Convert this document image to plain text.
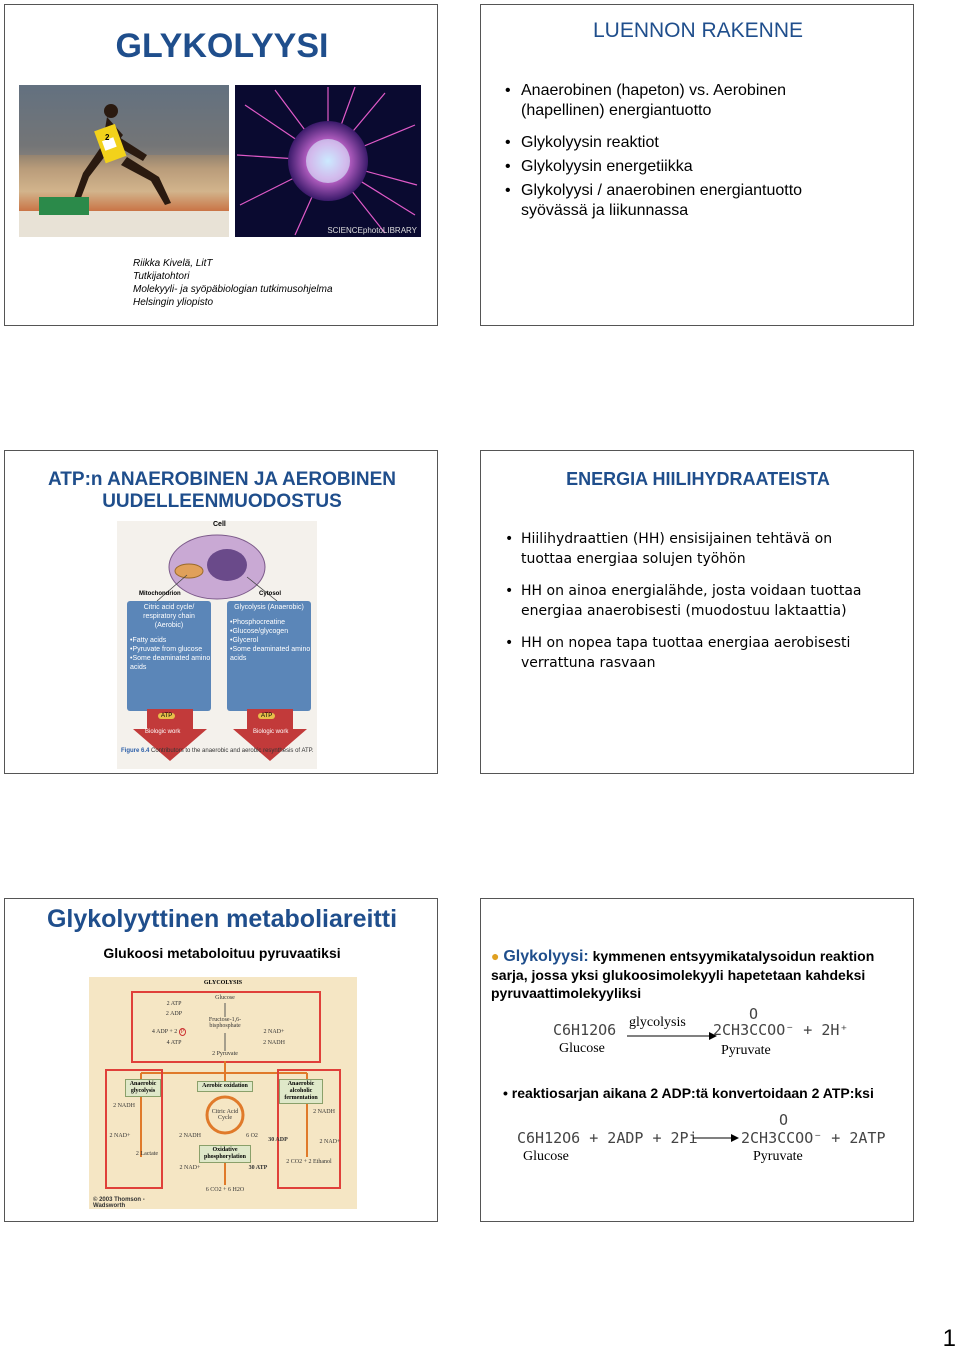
GLYKOLYYSI
2
SCIENCEphotoLIBRARY
Riikka Kivelä, LitT
Tutkijatohtori
Molekyyli- ja syöpäbiologian tutkimusohjelma
Helsingin yliopisto
LUENNON RAKENNE
• Anaerobinen (hapeton) vs. Aerobinen (hapellinen) energiantuotto
• Glykolyysin reaktiot
• Glykolyysin energetiikka
• Glykolyysi / anaerobinen energiantuotto syövässä ja liikunnassa
ATP:n ANAEROBINEN JA AEROBINEN
UUDELLEENMUODOSTUS
Cell
Mitochondrion	Cytosol
Citric acid cycle/ respiratory chain (Aerobic)
•Fatty acids
•Pyruvate from glucose
•Some deaminated amino acids
Glycolysis (Anaerobic)
•Phosphocreatine
•Glucose/glycogen
•Glycerol
•Some deaminated amino acids
ATP	ATP
Biologic work	Biologic work
Figure 6.4 Contributors to the anaerobic and aerobic resynthesis of ATP.
ENERGIA HIILIHYDRAATEISTA
• Hiilihydraattien (HH) ensisijainen tehtävä on tuottaa energiaa solujen työhön
• HH on ainoa energialähde, josta voidaan tuottaa energiaa anaerobisesti (muodostuu laktaattia)
• HH on nopea tapa tuottaa energiaa aerobisesti verrattuna rasvaan
Glykolyyttinen metaboliareitti
Glukoosi metaboloituu pyruvaatiksi
GLYCOLYSIS
Glucose
2 ATP
2 ADP
Fructose-1,6-bisphosphate
4 ADP + 2 P
4 ATP
2 NAD+
2 NADH
2 Pyruvate
Anaerobic glycolysis
Aerobic oxidation	Anaerobic alcoholic fermentation
Citric Acid Cycle
Oxidative phosphorylation
2 NADH
2 NAD+
2 Lactate
2 NADH
2 NAD+
6 O2
30 ADP
30 ATP
2 NADH
2 NAD+
2 CO2 + 2 Ethanol
6 CO2 + 6 H2O
© 2003 Thomson - Wadsworth
● Glykolyysi: kymmenen entsyymikatalysoidun reaktion sarja, jossa yksi glukoosimolekyyli hapetetaan kahdeksi pyruvaattimolekyyliksi
C6H12O6
Glucose
glycolysis	O
2CH3CCOO⁻ + 2H⁺
Pyruvate
• reaktiosarjan aikana 2 ADP:tä konvertoidaan 2 ATP:ksi
C6H12O6 + 2ADP + 2Pi
Glucose
O
2CH3CCOO⁻ + 2ATP
Pyruvate
1
